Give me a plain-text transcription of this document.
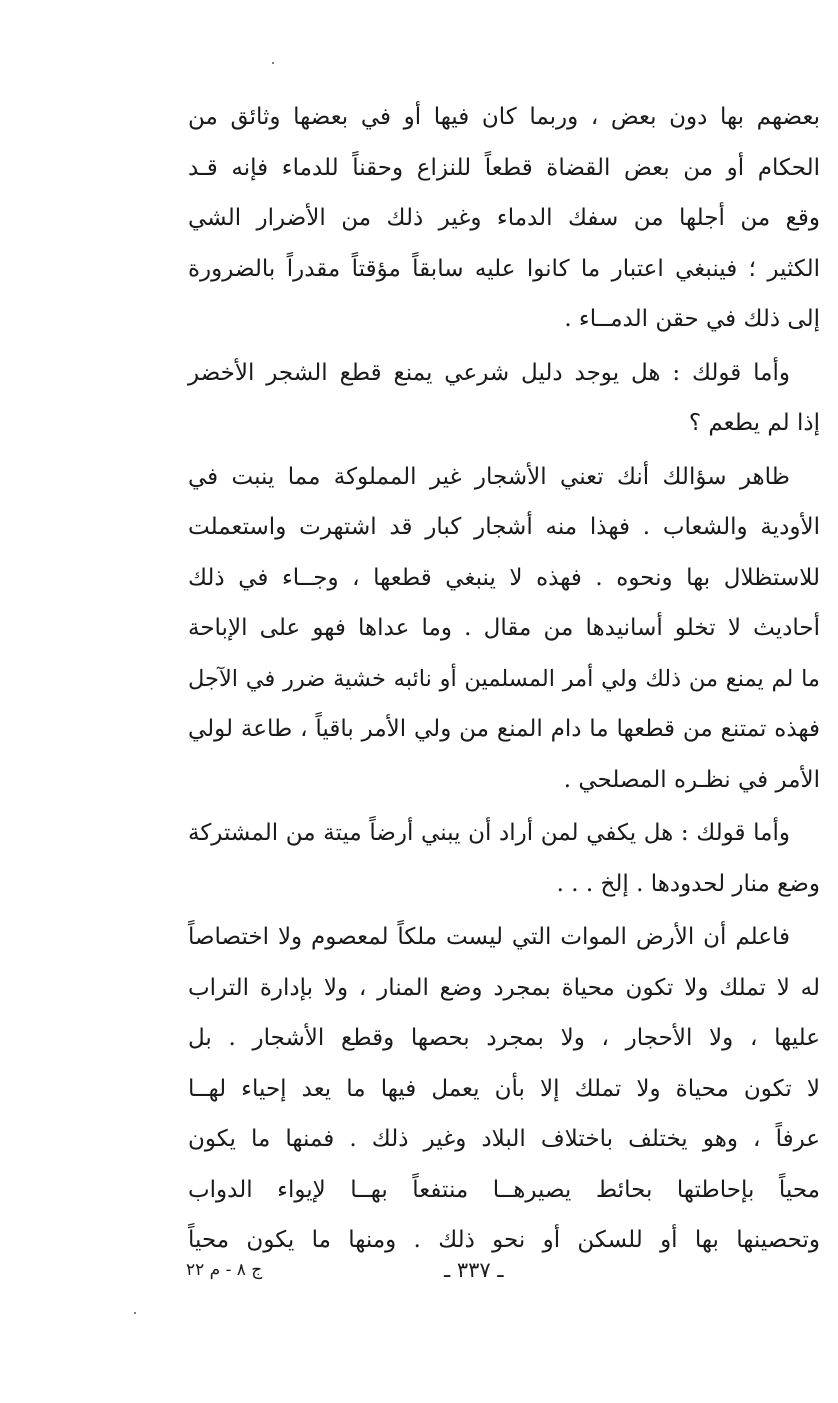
بعضهم بها دون بعض ، وربما كان فيها أو في بعضها وثائق من
الحكام أو من بعض القضاة قطعاً للنزاع وحقناً للدماء فإنه قـد
وقع من أجلها من سفك الدماء وغير ذلك من الأضرار الشي
الكثير ؛ فينبغي اعتبار ما كانوا عليه سابقاً مؤقتاً مقدراً بالضرورة
إلى ذلك في حقن الدمــاء .

وأما قولك : هل يوجد دليل شرعي يمنع قطع الشجر الأخضر
إذا لم يطعم ؟

ظاهر سؤالك أنك تعني الأشجار غير المملوكة مما ينبت في
الأودية والشعاب . فهذا منه أشجار كبار قد اشتهرت واستعملت
للاستظلال بها ونحوه . فهذه لا ينبغي قطعها ، وجــاء في ذلك
أحاديث لا تخلو أسانيدها من مقال . وما عداها فهو على الإباحة
ما لم يمنع من ذلك ولي أمر المسلمين أو نائبه خشية ضرر في الآجل
فهذه تمتنع من قطعها ما دام المنع من ولي الأمر باقياً ، طاعة لولي
الأمر في نظـره المصلحي .

وأما قولك : هل يكفي لمن أراد أن يبني أرضاً ميتة من المشتركة
وضع منار لحدودها . إلخ . . .

فاعلم أن الأرض الموات التي ليست ملكاً لمعصوم ولا اختصاصاً
له لا تملك ولا تكون محياة بمجرد وضع المنار ، ولا بإدارة التراب
عليها ، ولا الأحجار ، ولا بمجرد بحصها وقطع الأشجار . بل
لا تكون محياة ولا تملك إلا بأن يعمل فيها ما يعد إحياء لهــا
عرفاً ، وهو يختلف باختلاف البلاد وغير ذلك . فمنها ما يكون
محياً بإحاطتها بحائط يصيرهــا منتفعاً بهــا لإيواء الدواب
وتحصينها بها أو للسكن أو نحو ذلك . ومنها ما يكون محياً

ج ٨ - م ٢٢	ـ ٣٣٧ ـ
